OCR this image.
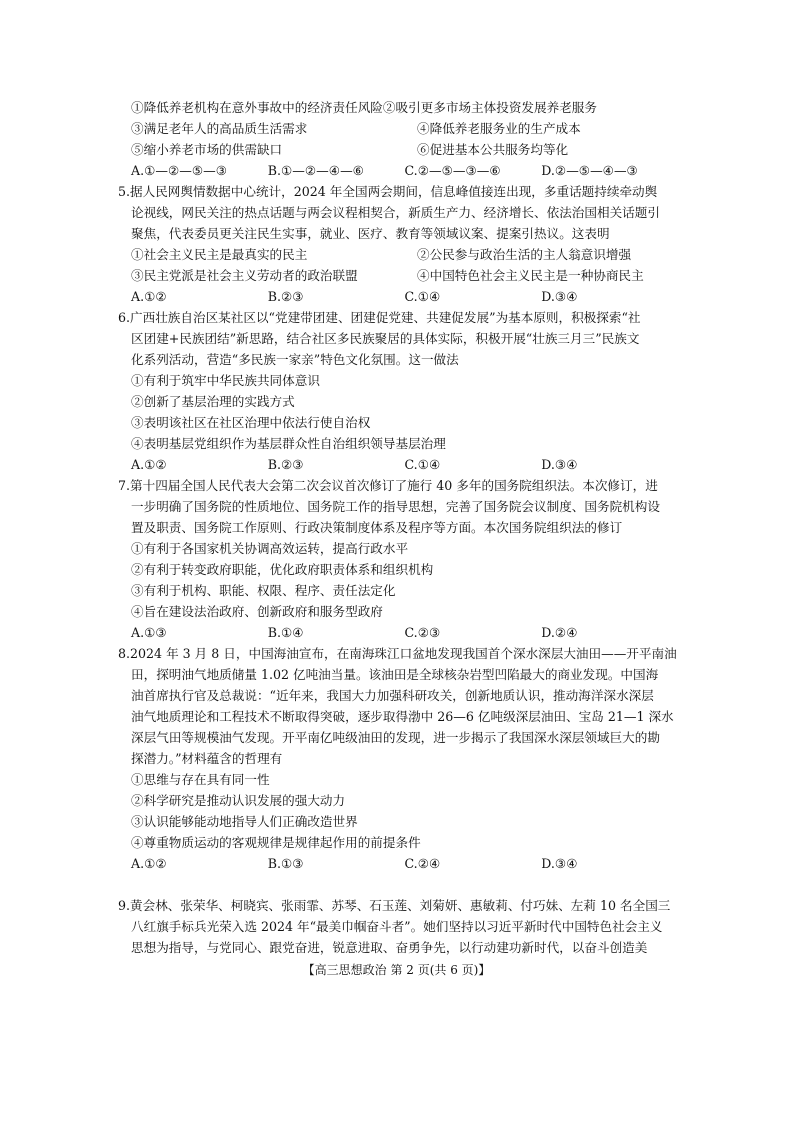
①降低养老机构在意外事故中的经济责任风险②吸引更多市场主体投资发展养老服务

③满足老年人的高品质生活需求	④降低养老服务业的生产成本
⑤缩小养老市场的供需缺口	⑥促进基本公共服务均等化
A.①—②—⑤—③	B.①—②—④—⑥	C.②—⑤—③—⑥	D.②—⑤—④—③

5.据人民网舆情数据中心统计，2024 年全国两会期间，信息峰值接连出现，多重话题持续牵动舆

论视线，网民关注的热点话题与两会议程相契合，新质生产力、经济增长、依法治国相关话题引

聚焦，代表委员更关注民生实事，就业、医疗、教育等领域议案、提案引热议。这表明

①社会主义民主是最真实的民主	②公民参与政治生活的主人翁意识增强
③民主党派是社会主义劳动者的政治联盟	④中国特色社会主义民主是一种协商民主
A.①②	B.②③	C.①④	D.③④

6.广西壮族自治区某社区以“党建带团建、团建促党建、共建促发展”为基本原则，积极探索“社

区团建+民族团结”新思路，结合社区多民族聚居的具体实际，积极开展“壮族三月三”民族文

化系列活动，营造“多民族一家亲”特色文化氛围。这一做法

①有利于筑牢中华民族共同体意识

②创新了基层治理的实践方式

③表明该社区在社区治理中依法行使自治权

④表明基层党组织作为基层群众性自治组织领导基层治理

A.①②	B.②③	C.①④	D.③④

7.第十四届全国人民代表大会第二次会议首次修订了施行 40 多年的国务院组织法。本次修订，进

一步明确了国务院的性质地位、国务院工作的指导思想，完善了国务院会议制度、国务院机构设

置及职责、国务院工作原则、行政决策制度体系及程序等方面。本次国务院组织法的修订

①有利于各国家机关协调高效运转，提高行政水平

②有利于转变政府职能，优化政府职责体系和组织机构

③有利于机构、职能、权限、程序、责任法定化

④旨在建设法治政府、创新政府和服务型政府

A.①③	B.①④	C.②③	D.②④

8.2024 年 3 月 8 日，中国海油宣布，在南海珠江口盆地发现我国首个深水深层大油田——开平南油

田，探明油气地质储量 1.02 亿吨油当量。该油田是全球核杂岩型凹陷最大的商业发现。中国海

油首席执行官及总裁说：“近年来，我国大力加强科研攻关，创新地质认识，推动海洋深水深层

油气地质理论和工程技术不断取得突破，逐步取得渤中 26—6 亿吨级深层油田、宝岛 21—1 深水

深层气田等规模油气发现。开平南亿吨级油田的发现，进一步揭示了我国深水深层领域巨大的勘

探潜力。”材料蕴含的哲理有

①思维与存在具有同一性

②科学研究是推动认识发展的强大动力

③认识能够能动地指导人们正确改造世界

④尊重物质运动的客观规律是规律起作用的前提条件

A.①②	B.①③	C.②④	D.③④

9.黄会林、张荣华、柯晓宾、张雨霏、苏琴、石玉莲、刘菊妍、惠敏莉、付巧妹、左莉 10 名全国三

八红旗手标兵光荣入选 2024 年“最美巾帼奋斗者”。她们坚持以习近平新时代中国特色社会主义

思想为指导，与党同心、跟党奋进，锐意进取、奋勇争先，以行动建功新时代，以奋斗创造美

【高三思想政治 第 2 页(共 6 页)】
